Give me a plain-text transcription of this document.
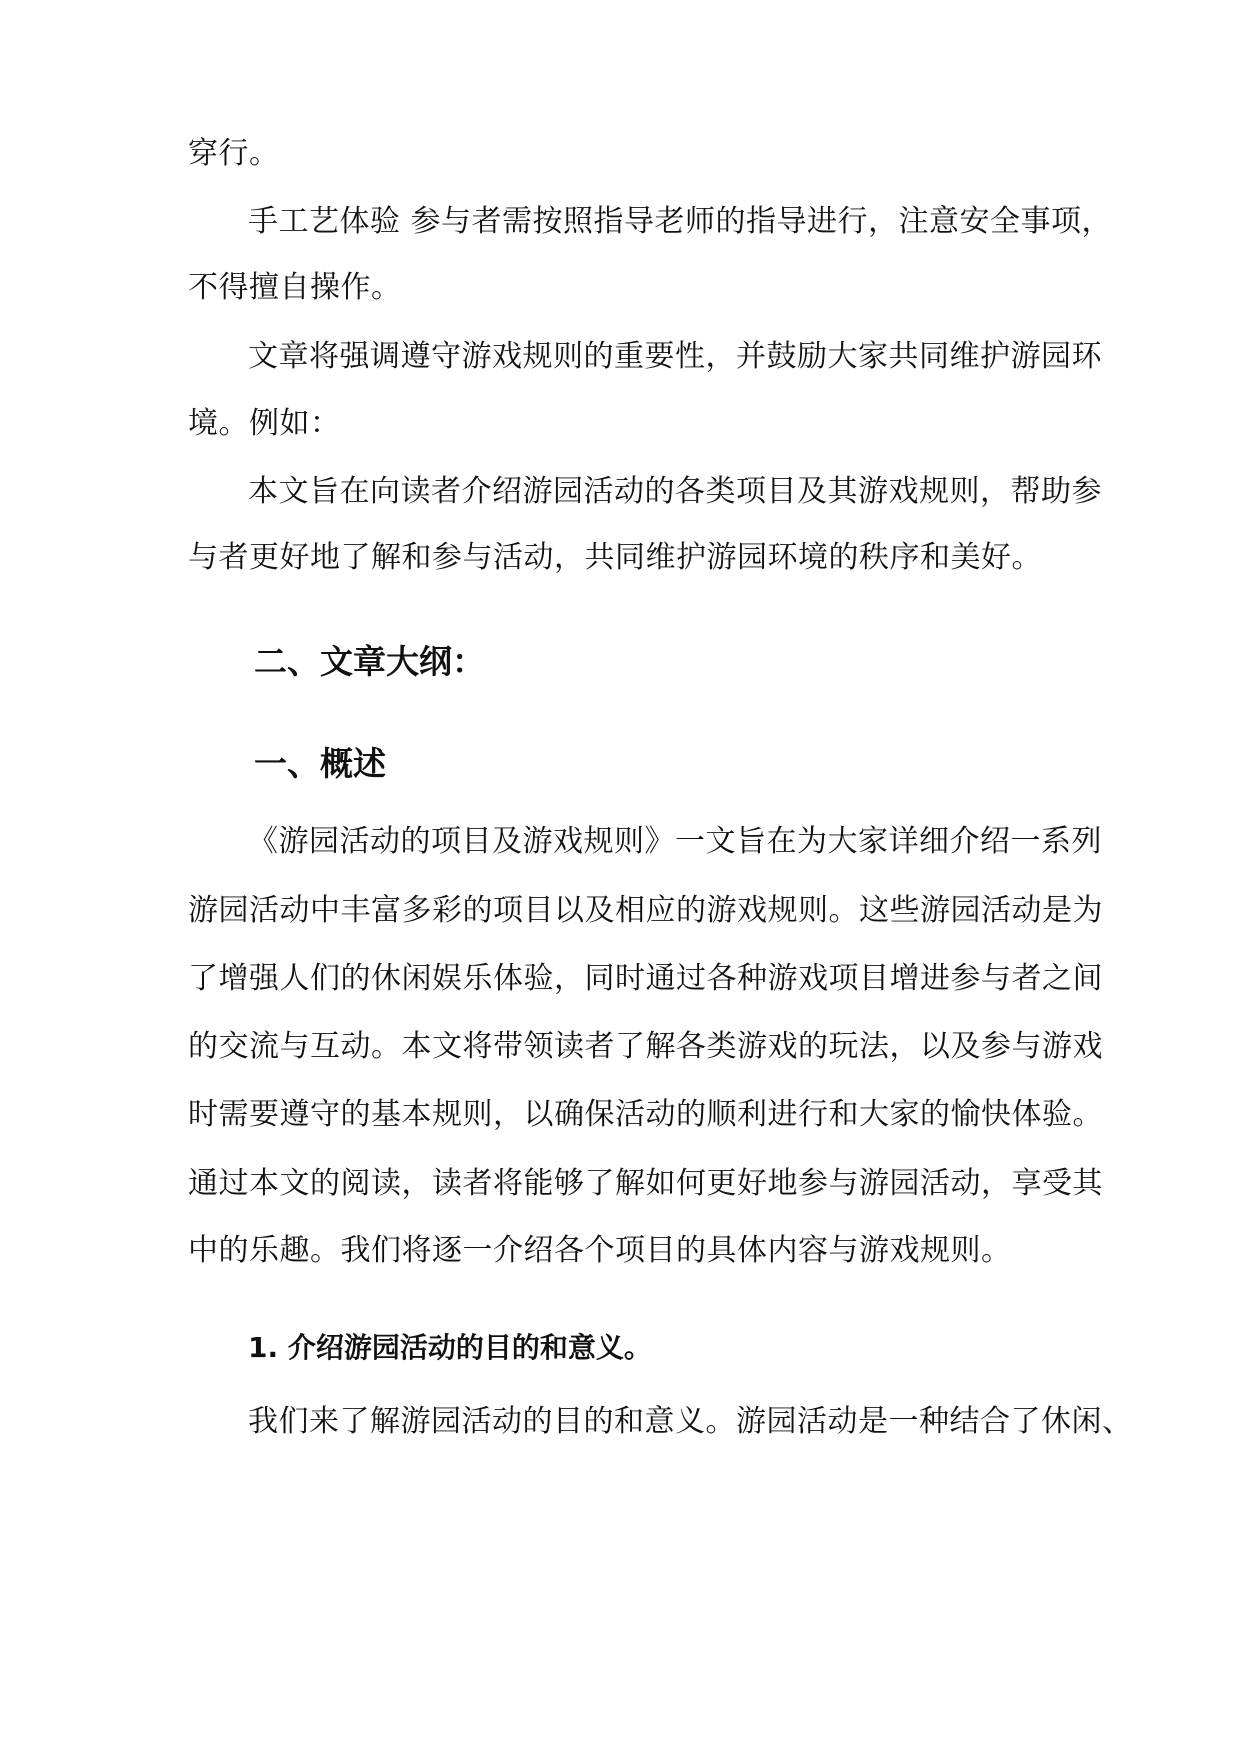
穿行。
手工艺体验 参与者需按照指导老师的指导进行，注意安全事项，
不得擅自操作。
文章将强调遵守游戏规则的重要性，并鼓励大家共同维护游园环
境。例如：
本文旨在向读者介绍游园活动的各类项目及其游戏规则，帮助参
与者更好地了解和参与活动，共同维护游园环境的秩序和美好。
二、文章大纲：
一、概述
《游园活动的项目及游戏规则》一文旨在为大家详细介绍一系列
游园活动中丰富多彩的项目以及相应的游戏规则。这些游园活动是为
了增强人们的休闲娱乐体验，同时通过各种游戏项目增进参与者之间
的交流与互动。本文将带领读者了解各类游戏的玩法，以及参与游戏
时需要遵守的基本规则，以确保活动的顺利进行和大家的愉快体验。
通过本文的阅读，读者将能够了解如何更好地参与游园活动，享受其
中的乐趣。我们将逐一介绍各个项目的具体内容与游戏规则。
1. 介绍游园活动的目的和意义。
我们来了解游园活动的目的和意义。游园活动是一种结合了休闲、
